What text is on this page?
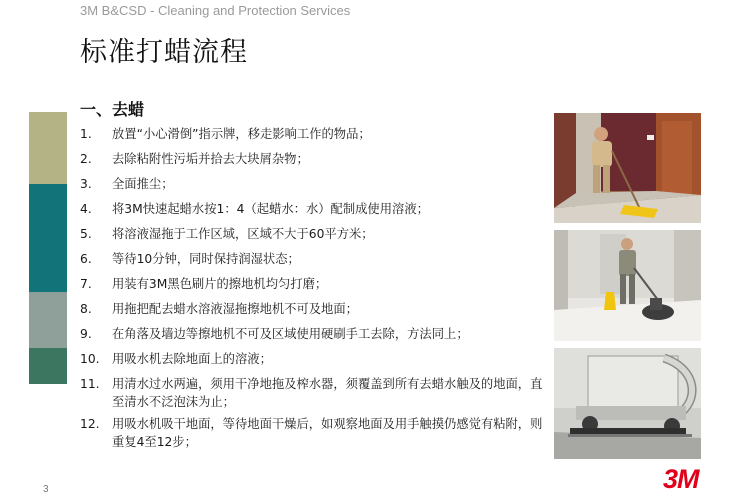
3M B&CSD - Cleaning and Protection Services
标准打蜡流程
一、去蜡
1.	放置“小心滑倒”指示牌，移走影响工作的物品；
2.	去除粘附性污垢并拾去大块屑杂物；
3.	全面推尘；
4.	将3M快速起蜡水按1：4（起蜡水：水）配制成使用溶液；
5.	将溶液湿拖于工作区域，区域不大于60平方米；
6.	等待10分钟，同时保持润湿状态；
7.	用装有3M黑色刷片的擦地机均匀打磨；
8.	用拖把配去蜡水溶液湿拖擦地机不可及地面；
9.	在角落及墙边等擦地机不可及区域使用硬刷手工去除，方法同上；
10.	用吸水机去除地面上的溶液；
11.	用清水过水两遍，须用干净地拖及榨水器，须覆盖到所有去蜡水触及的地面，直至清水不泛泡沫为止；
12.	用吸水机吸干地面，等待地面干燥后，如观察地面及用手触摸仍感觉有粘附，则重复4至12步；
3	3M
